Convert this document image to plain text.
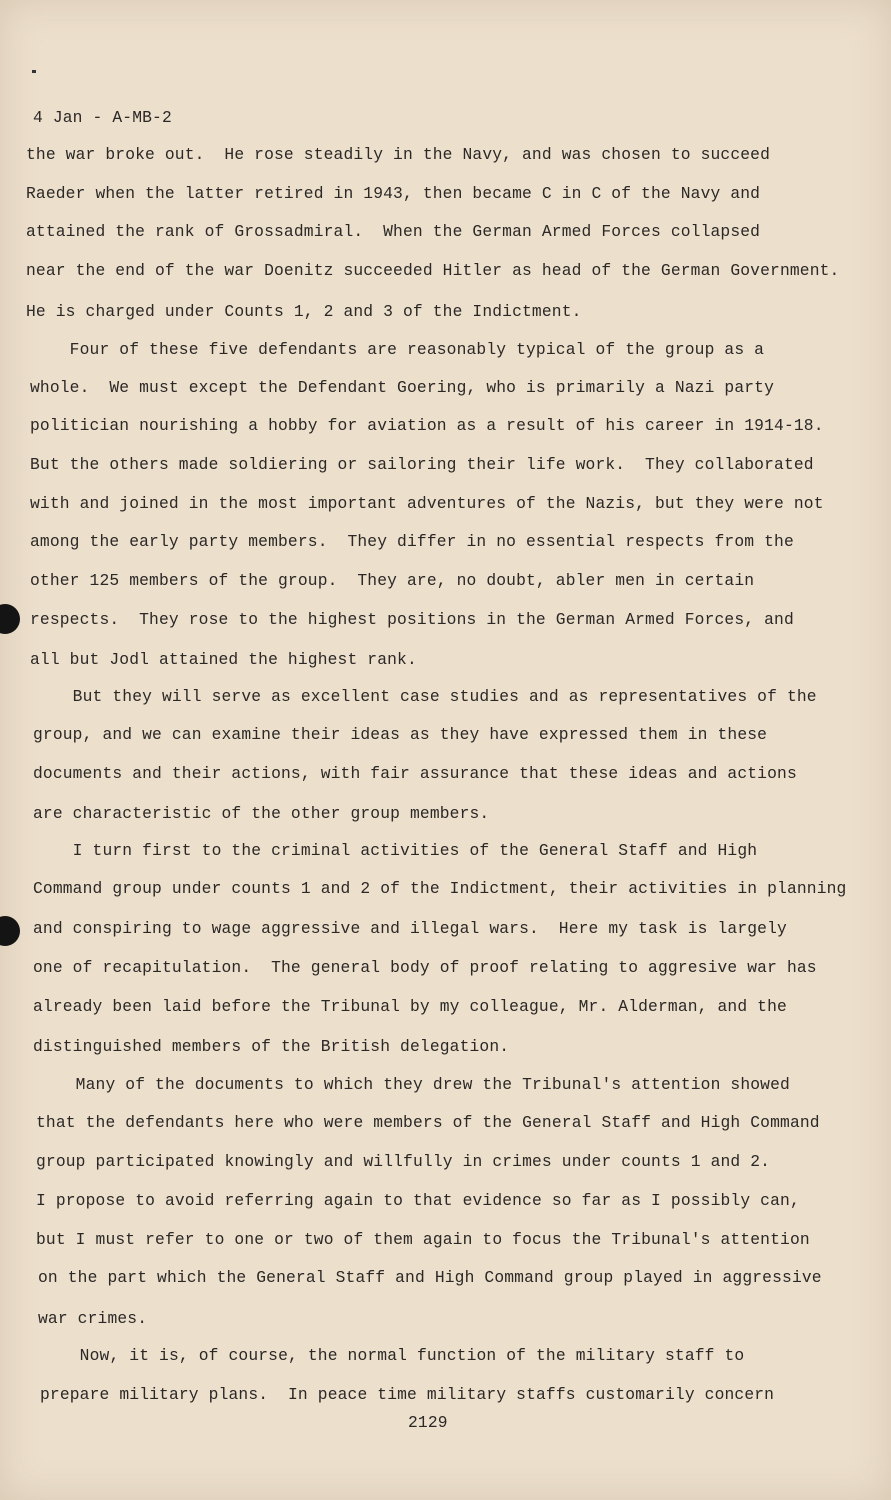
4 Jan - A-MB-2
the war broke out.  He rose steadily in the Navy, and was chosen to succeed
Raeder when the latter retired in 1943, then became C in C of the Navy and
attained the rank of Grossadmiral.  When the German Armed Forces collapsed
near the end of the war Doenitz succeeded Hitler as head of the German Government.
He is charged under Counts 1, 2 and 3 of the Indictment.
Four of these five defendants are reasonably typical of the group as a
whole.  We must except the Defendant Goering, who is primarily a Nazi party
politician nourishing a hobby for aviation as a result of his career in 1914-18.
But the others made soldiering or sailoring their life work.  They collaborated
with and joined in the most important adventures of the Nazis, but they were not
among the early party members.  They differ in no essential respects from the
other 125 members of the group.  They are, no doubt, abler men in certain
respects.  They rose to the highest positions in the German Armed Forces, and
all but Jodl attained the highest rank.
But they will serve as excellent case studies and as representatives of the
group, and we can examine their ideas as they have expressed them in these
documents and their actions, with fair assurance that these ideas and actions
are characteristic of the other group members.
I turn first to the criminal activities of the General Staff and High
Command group under counts 1 and 2 of the Indictment, their activities in planning
and conspiring to wage aggressive and illegal wars.  Here my task is largely
one of recapitulation.  The general body of proof relating to aggresive war has
already been laid before the Tribunal by my colleague, Mr. Alderman, and the
distinguished members of the British delegation.
Many of the documents to which they drew the Tribunal's attention showed
that the defendants here who were members of the General Staff and High Command
group participated knowingly and willfully in crimes under counts 1 and 2.
I propose to avoid referring again to that evidence so far as I possibly can,
but I must refer to one or two of them again to focus the Tribunal's attention
on the part which the General Staff and High Command group played in aggressive
war crimes.
Now, it is, of course, the normal function of the military staff to
prepare military plans.  In peace time military staffs customarily concern
2129
